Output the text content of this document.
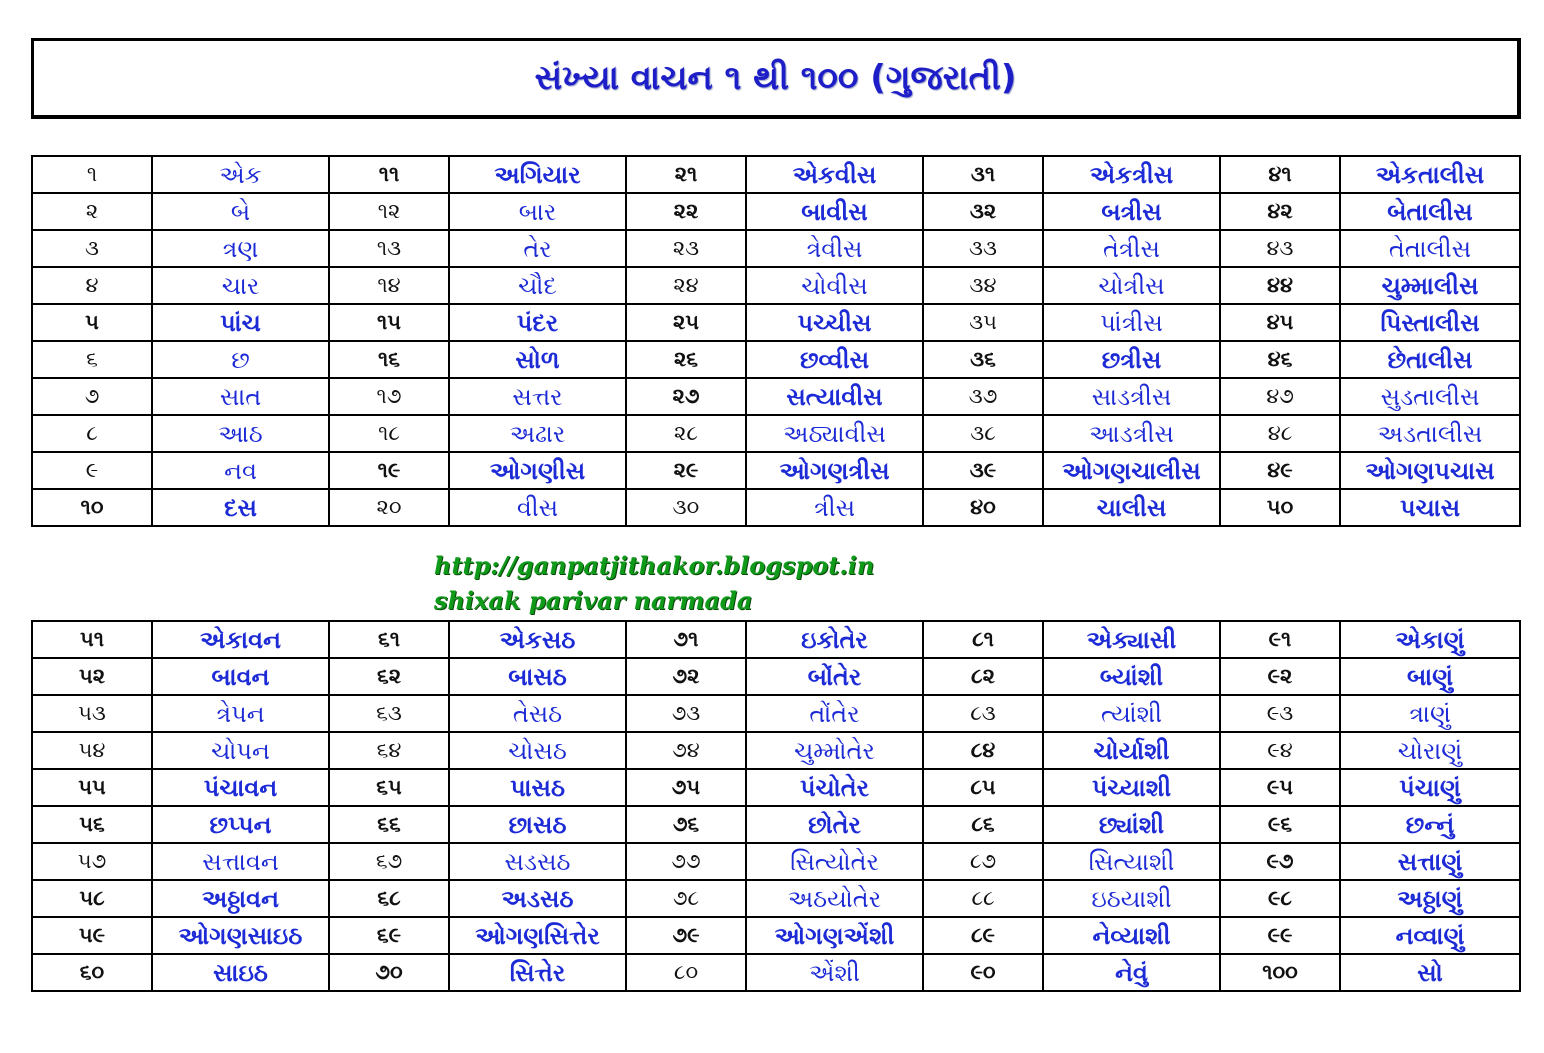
સંખ્યા વાચન ૧ થી ૧૦૦ (ગુજરાતી)
૧	એક	૧૧	અગિયાર	૨૧	એકવીસ	૩૧	એકત્રીસ	૪૧	એકતાલીસ
૨	બે	૧૨	બાર	૨૨	બાવીસ	૩૨	બત્રીસ	૪૨	બેતાલીસ
૩	ત્રણ	૧૩	તેર	૨૩	ત્રેવીસ	૩૩	તેત્રીસ	૪૩	તેતાલીસ
૪	ચાર	૧૪	ચૌદ	૨૪	ચોવીસ	૩૪	ચોત્રીસ	૪૪	ચુમ્માલીસ
૫	પાંચ	૧૫	પંદર	૨૫	પચ્ચીસ	૩૫	પાંત્રીસ	૪૫	પિસ્તાલીસ
૬	છ	૧૬	સોળ	૨૬	છવ્વીસ	૩૬	છત્રીસ	૪૬	છેતાલીસ
૭	સાત	૧૭	સત્તર	૨૭	સત્યાવીસ	૩૭	સાડત્રીસ	૪૭	સુડતાલીસ
૮	આઠ	૧૮	અઢાર	૨૮	અઠ્યાવીસ	૩૮	આડત્રીસ	૪૮	અડતાલીસ
૯	નવ	૧૯	ઓગણીસ	૨૯	ઓગણત્રીસ	૩૯	ઓગણચાલીસ	૪૯	ઓગણપચાસ
૧૦	દસ	૨૦	વીસ	૩૦	ત્રીસ	૪૦	ચાલીસ	૫૦	પચાસ
http://ganpatjithakor.blogspot.in
shixak parivar narmada
૫૧	એકાવન	૬૧	એકસઠ	૭૧	ઇકોતેર	૮૧	એક્યાસી	૯૧	એકાણું
૫૨	બાવન	૬૨	બાસઠ	૭૨	બોંતેર	૮૨	બ્યાંશી	૯૨	બાણું
૫૩	ત્રેપન	૬૩	તેસઠ	૭૩	તોંતેર	૮૩	ત્યાંશી	૯૩	ત્રાણું
૫૪	ચોપન	૬૪	ચોસઠ	૭૪	ચુમ્મોતેર	૮૪	ચોર્યાશી	૯૪	ચોરાણું
૫૫	પંચાવન	૬૫	પાસઠ	૭૫	પંચોતેર	૮૫	પંચ્યાશી	૯૫	પંચાણું
૫૬	છપ્પન	૬૬	છાસઠ	૭૬	છોતેર	૮૬	છ્યાંશી	૯૬	છન્નું
૫૭	સત્તાવન	૬૭	સડસઠ	૭૭	સિત્યોતેર	૮૭	સિત્યાશી	૯૭	સત્તાણું
૫૮	અઠ્ઠાવન	૬૮	અડસઠ	૭૮	અઠયોતેર	૮૮	ઇઠયાશી	૯૮	અઠ્ઠાણું
૫૯	ઓગણસાઇઠ	૬૯	ઓગણસિત્તેર	૭૯	ઓગણએંશી	૮૯	નેવ્યાશી	૯૯	નવ્વાણું
૬૦	સાઇઠ	૭૦	સિત્તેર	૮૦	એંશી	૯૦	નેવું	૧૦૦	સો
